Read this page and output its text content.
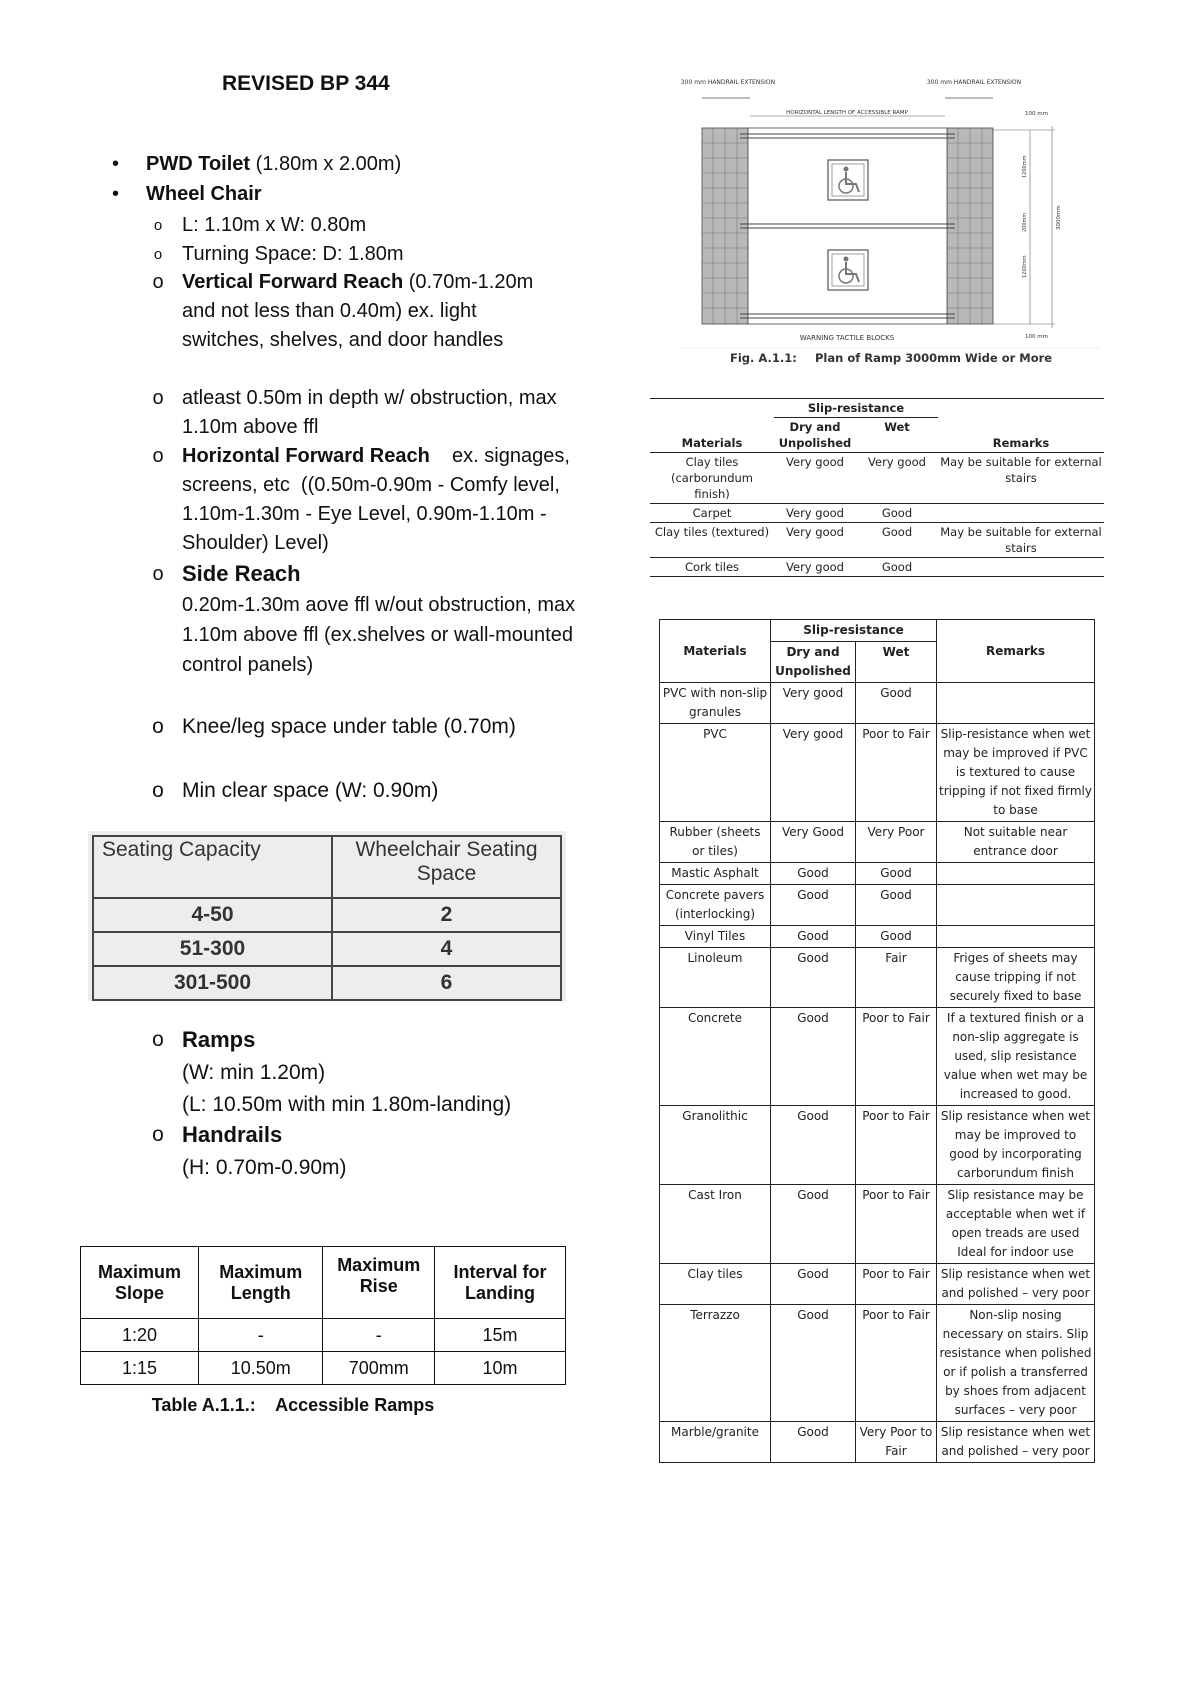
REVISED BP 344
• PWD Toilet (1.80m x 2.00m)
• Wheel Chair
o L: 1.10m x W: 0.80m
o Turning Space: D: 1.80m
o Vertical Forward Reach (0.70m-1.20m and not less than 0.40m) ex. light switches, shelves, and door handles
o atleast 0.50m in depth w/ obstruction, max 1.10m above ffl
o Horizontal Forward Reach    ex. signages, screens, etc  ((0.50m-0.90m - Comfy level, 1.10m-1.30m - Eye Level, 0.90m-1.10m - Shoulder) Level)
o Side Reach
0.20m-1.30m aove ffl w/out obstruction, max 1.10m above ffl (ex.shelves or wall-mounted control panels)
o Knee/leg space under table (0.70m)
o Min clear space (W: 0.90m)
Seating Capacity	Wheelchair Seating Space
4-50	2
51-300	4
301-500	6
o Ramps
(W: min 1.20m)
(L: 10.50m with min 1.80m-landing)
o Handrails
(H: 0.70m-0.90m)
Maximum Slope	Maximum Length	Maximum Rise	Interval for Landing
1:20	-	-	15m
1:15	10.50m	700mm	10m
Table A.1.1.:    Accessible Ramps
300 mm HANDRAIL EXTENSION	300 mm HANDRAIL EXTENSION
HORIZONTAL LENGTH OF ACCESSIBLE RAMP	100 mm
1200mm
200mm
1200mm
3000mm
100 mm
WARNING TACTILE BLOCKS
Fig. A.1.1: Plan of Ramp 3000mm Wide or More
Materials	Slip-resistance		Remarks
	Dry and Unpolished	Wet	
Clay tiles (carborundum finish)	Very good	Very good	May be suitable for external stairs
Carpet	Very good	Good	
Clay tiles (textured)	Very good	Good	May be suitable for external stairs
Cork tiles	Very good	Good	
Materials	Slip-resistance		Remarks
	Dry and Unpolished	Wet	
PVC with non-slip granules	Very good	Good	
PVC	Very good	Poor to Fair	Slip-resistance when wet may be improved if PVC is textured to cause tripping if not fixed firmly to base
Rubber (sheets or tiles)	Very Good	Very Poor	Not suitable near entrance door
Mastic Asphalt	Good	Good	
Concrete pavers (interlocking)	Good	Good	
Vinyl Tiles	Good	Good	
Linoleum	Good	Fair	Friges of sheets may cause tripping if not securely fixed to base
Concrete	Good	Poor to Fair	If a textured finish or a non-slip aggregate is used, slip resistance value when wet may be increased to good.
Granolithic	Good	Poor to Fair	Slip resistance when wet may be improved to good by incorporating carborundum finish
Cast Iron	Good	Poor to Fair	Slip resistance may be acceptable when wet if open treads are used Ideal for indoor use
Clay tiles	Good	Poor to Fair	Slip resistance when wet and polished – very poor
Terrazzo	Good	Poor to Fair	Non-slip nosing necessary on stairs. Slip resistance when polished or if polish a transferred by shoes from adjacent surfaces – very poor
Marble/granite	Good	Very Poor to Fair	Slip resistance when wet and polished – very poor
